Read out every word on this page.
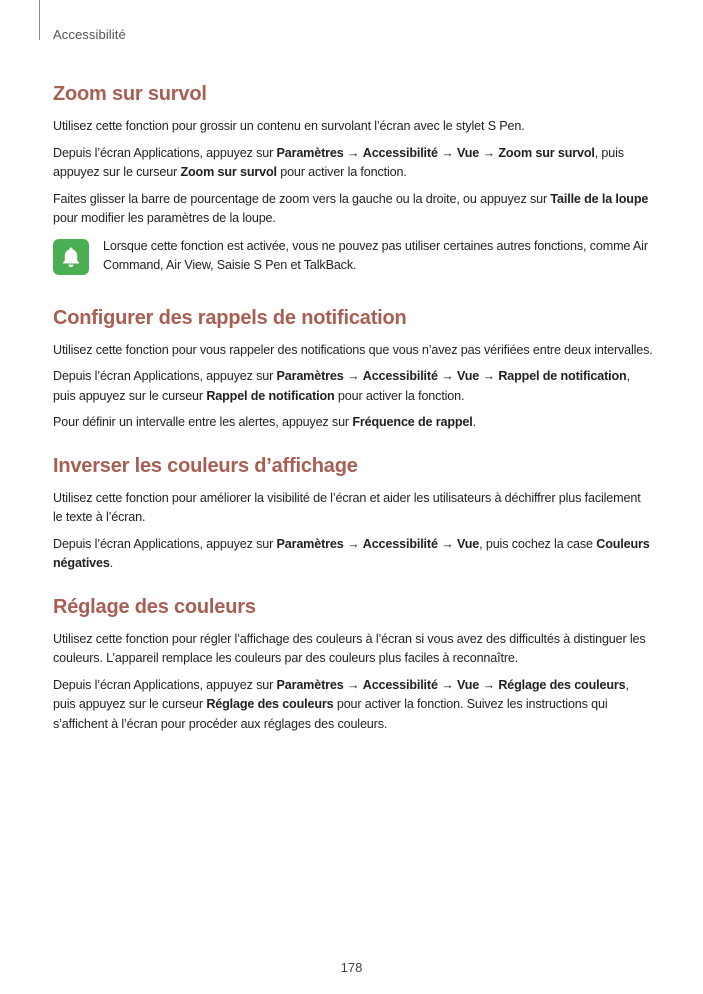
Accessibilité
Zoom sur survol

Utilisez cette fonction pour grossir un contenu en survolant l’écran avec le stylet S Pen.

Depuis l’écran Applications, appuyez sur Paramètres → Accessibilité → Vue → Zoom sur survol, puis appuyez sur le curseur Zoom sur survol pour activer la fonction.

Faites glisser la barre de pourcentage de zoom vers la gauche ou la droite, ou appuyez sur Taille de la loupe pour modifier les paramètres de la loupe.

Lorsque cette fonction est activée, vous ne pouvez pas utiliser certaines autres fonctions, comme Air Command, Air View, Saisie S Pen et TalkBack.

Configurer des rappels de notification

Utilisez cette fonction pour vous rappeler des notifications que vous n’avez pas vérifiées entre deux intervalles.

Depuis l’écran Applications, appuyez sur Paramètres → Accessibilité → Vue → Rappel de notification, puis appuyez sur le curseur Rappel de notification pour activer la fonction.

Pour définir un intervalle entre les alertes, appuyez sur Fréquence de rappel.

Inverser les couleurs d’affichage

Utilisez cette fonction pour améliorer la visibilité de l’écran et aider les utilisateurs à déchiffrer plus facilement le texte à l’écran.

Depuis l’écran Applications, appuyez sur Paramètres → Accessibilité → Vue, puis cochez la case Couleurs négatives.

Réglage des couleurs

Utilisez cette fonction pour régler l’affichage des couleurs à l’écran si vous avez des difficultés à distinguer les couleurs. L’appareil remplace les couleurs par des couleurs plus faciles à reconnaître.

Depuis l’écran Applications, appuyez sur Paramètres → Accessibilité → Vue → Réglage des couleurs, puis appuyez sur le curseur Réglage des couleurs pour activer la fonction. Suivez les instructions qui s’affichent à l’écran pour procéder aux réglages des couleurs.

178
